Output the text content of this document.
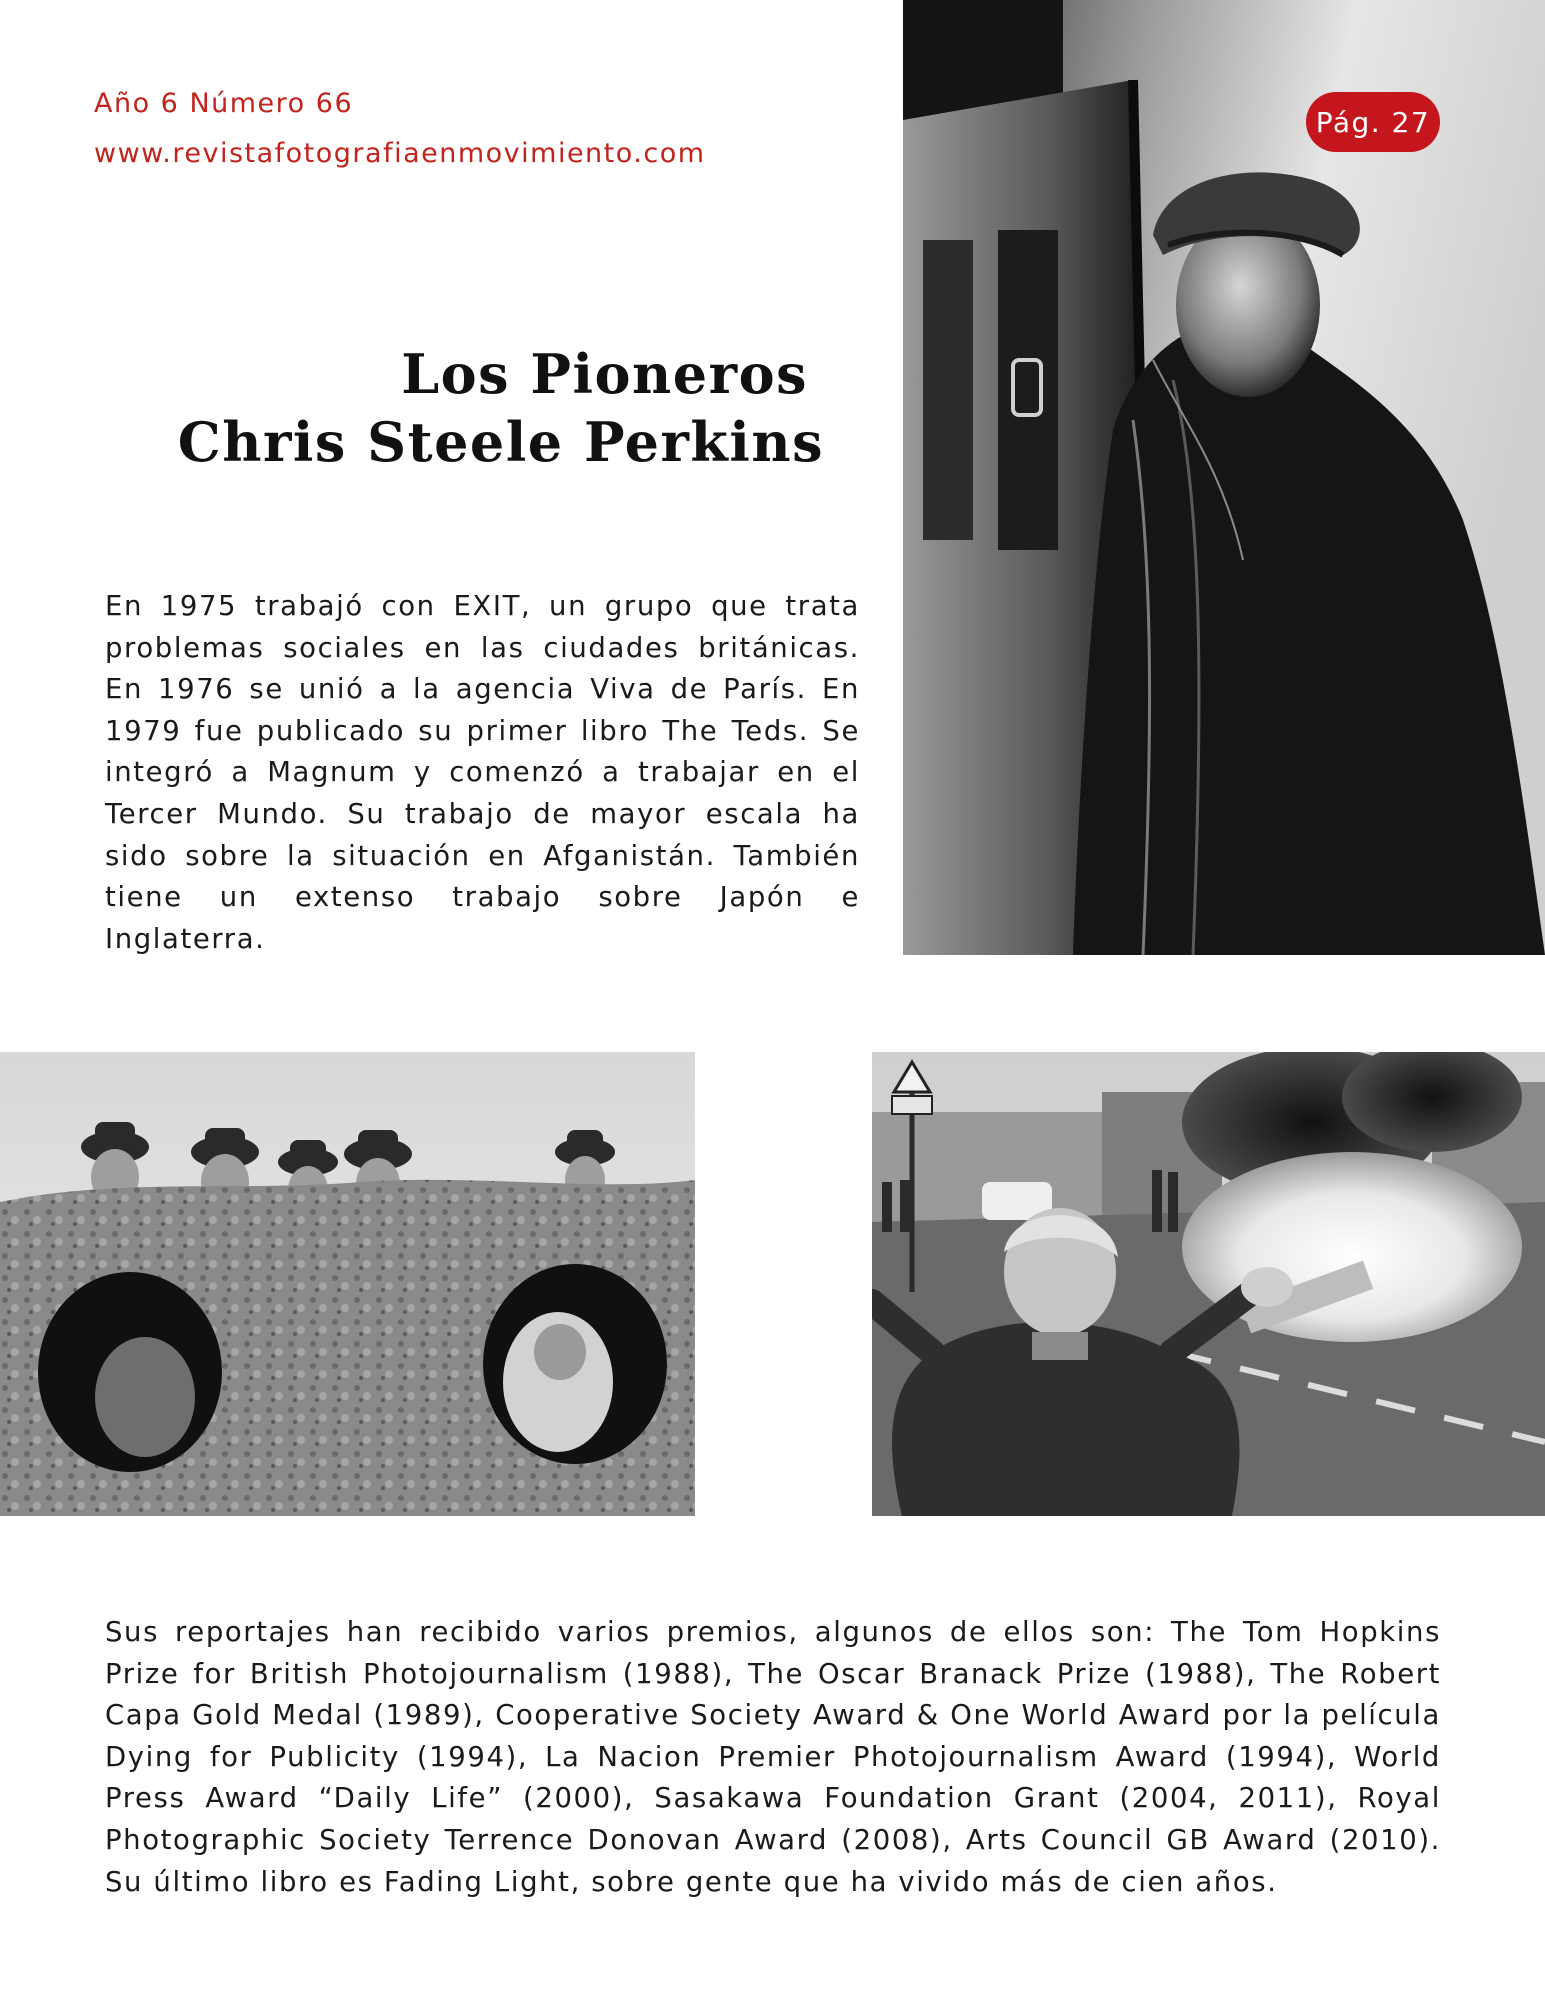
Año 6 Número 66
www.revistafotografiaenmovimiento.com
Pág. 27
Los Pioneros
Chris Steele Perkins

En 1975 trabajó con EXIT, un grupo que trata problemas sociales en las ciudades británicas. En 1976 se unió a la agencia Viva de París. En 1979 fue publicado su primer libro The Teds. Se integró a Magnum y comenzó a trabajar en el Tercer Mundo. Su trabajo de mayor escala ha sido sobre la situación en Afganistán. También tiene un extenso trabajo sobre Japón e Inglaterra.

Sus reportajes han recibido varios premios, algunos de ellos son: The Tom Hopkins Prize for British Photojournalism (1988), The Oscar Branack Prize (1988), The Robert Capa Gold Medal (1989), Cooperative Society Award & One World Award por la película Dying for Publicity (1994), La Nacion Premier Photojournalism Award (1994), World Press Award “Daily Life” (2000), Sasakawa Foundation Grant (2004, 2011), Royal Photographic Society Terrence Donovan Award (2008), Arts Council GB Award (2010). Su último libro es Fading Light, sobre gente que ha vivido más de cien años.
